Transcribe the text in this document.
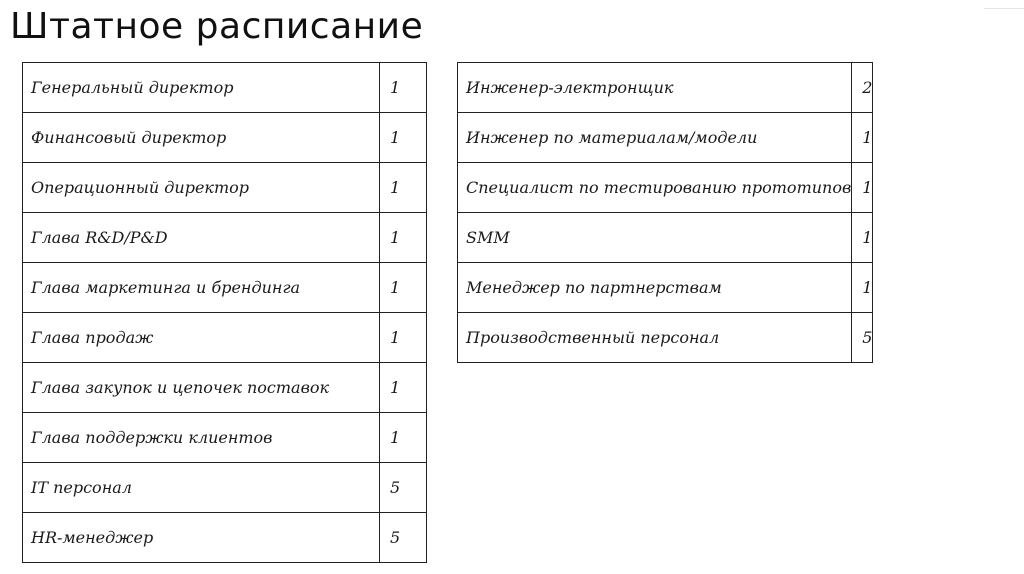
Штатное расписание
Генеральный директор	1
Финансовый директор	1
Операционный директор	1
Глава R&D/P&D	1
Глава маркетинга и брендинга	1
Глава продаж	1
Глава закупок и цепочек поставок	1
Глава поддержки клиентов	1
IT персонал	5
HR-менеджер	5
Инженер-электронщик	2
Инженер по материалам/модели	1
Специалист по тестированию прототипов	1
SMM	1
Менеджер по партнерствам	1
Производственный персонал	5
